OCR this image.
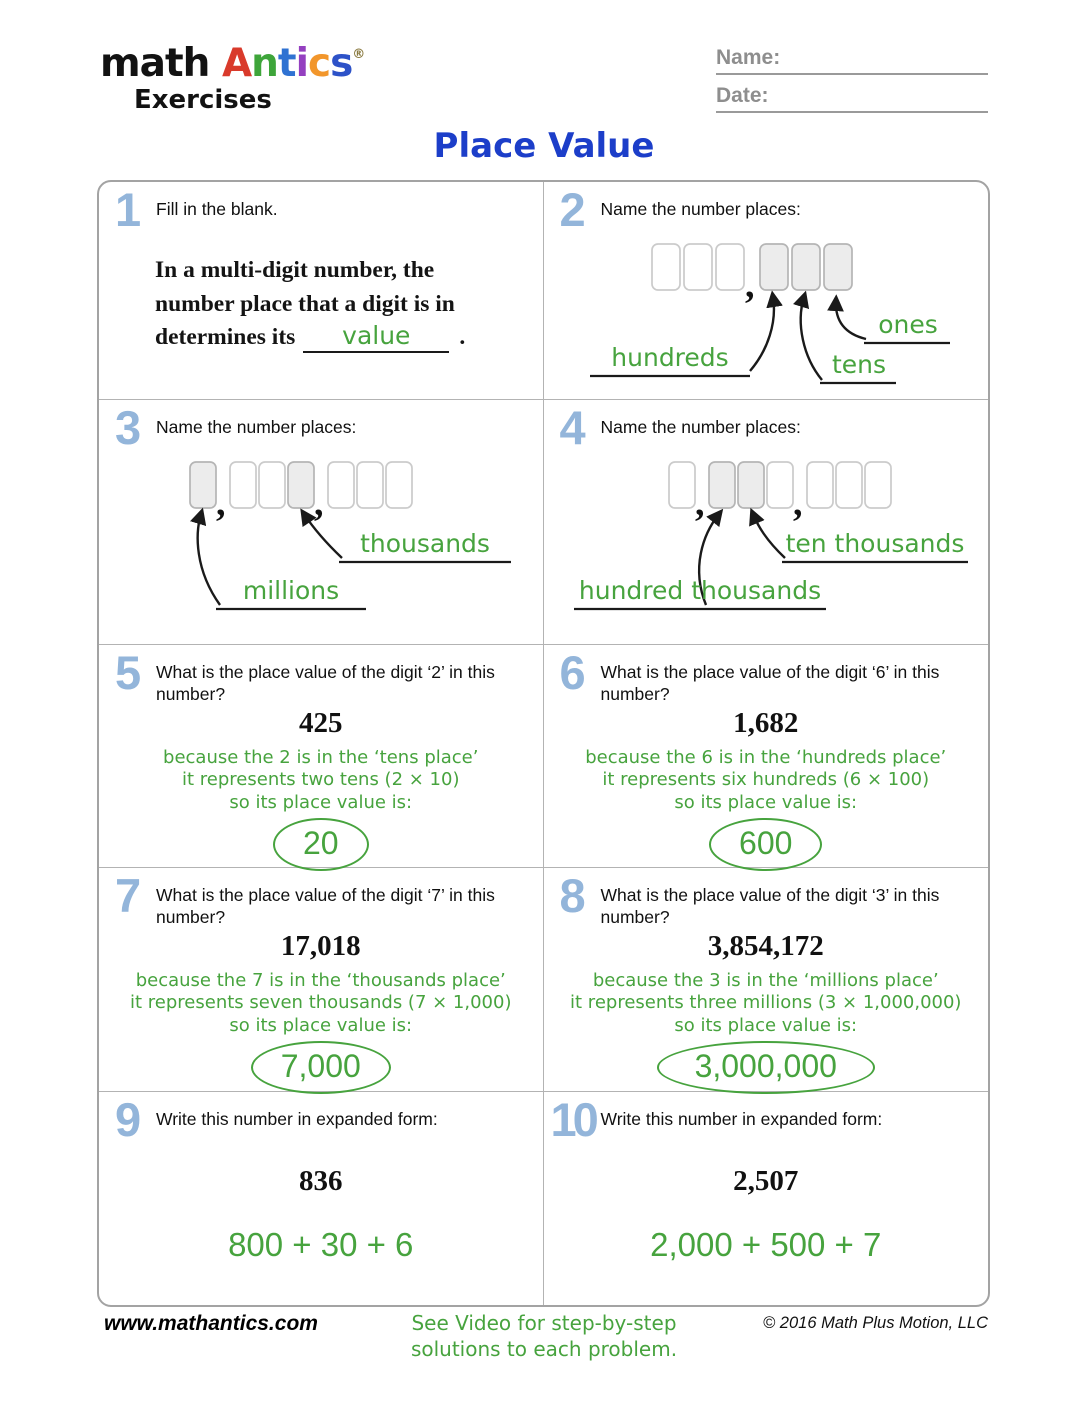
math Antics®
Exercises
Name:
Date:
Place Value
1 Fill in the blank.
In a multi-digit number, the
number place that a digit is in
determines its value .
2 Name the number places:
,
hundreds	tens
ones
3 Name the number places:
, ,
thousands
millions
4 Name the number places:
, ,
ten thousands
hundred thousands
5 What is the place value of the digit ‘2’ in this number?
425
because the 2 is in the ‘tens place’
it represents two tens (2 × 10)
so its place value is:
20
6 What is the place value of the digit ‘6’ in this number?
1,682
because the 6 is in the ‘hundreds place’
it represents six hundreds (6 × 100)
so its place value is:
600
7 What is the place value of the digit ‘7’ in this number?
17,018
because the 7 is in the ‘thousands place’
it represents seven thousands (7 × 1,000)
so its place value is:
7,000
8 What is the place value of the digit ‘3’ in this number?
3,854,172
because the 3 is in the ‘millions place’
it represents three millions (3 × 1,000,000)
so its place value is:
3,000,000
9 Write this number in expanded form:
836
800 + 30 + 6
10 Write this number in expanded form:
2,507
2,000 + 500 + 7
www.mathantics.com	See Video for step-by-step
solutions to each problem.
© 2016 Math Plus Motion, LLC
